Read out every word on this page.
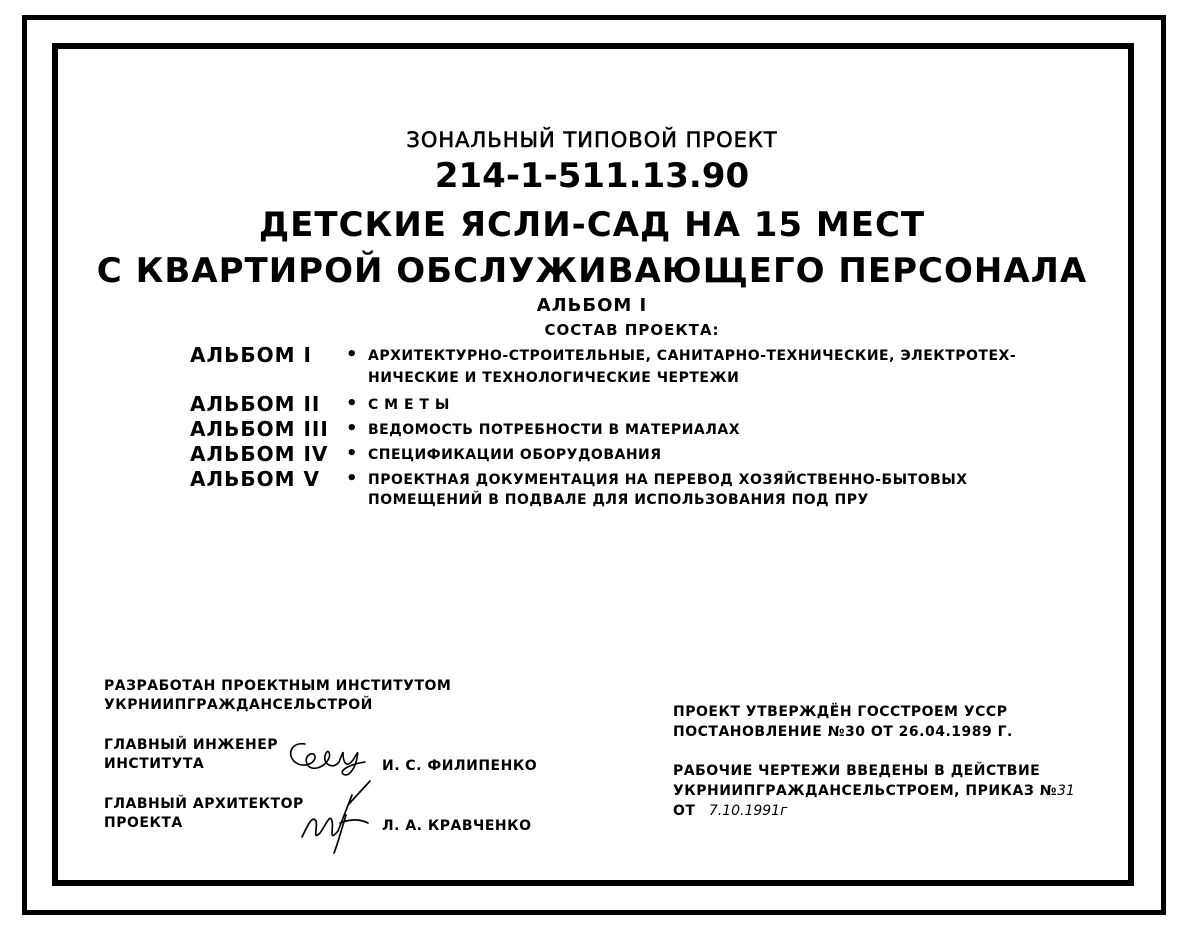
ЗОНАЛЬНЫЙ ТИПОВОЙ ПРОЕКТ
214-1-511.13.90
ДЕТСКИЕ ЯСЛИ-САД НА 15 МЕСТ
С КВАРТИРОЙ ОБСЛУЖИВАЮЩЕГО ПЕРСОНАЛА
АЛЬБОМ I
СОСТАВ ПРОЕКТА:
АЛЬБОМ I • АРХИТЕКТУРНО-СТРОИТЕЛЬНЫЕ, САНИТАРНО-ТЕХНИЧЕСКИЕ, ЭЛЕКТРОТЕХ-
НИЧЕСКИЕ И ТЕХНОЛОГИЧЕСКИЕ ЧЕРТЕЖИ
АЛЬБОМ II • С М Е Т Ы
АЛЬБОМ III • ВЕДОМОСТЬ ПОТРЕБНОСТИ В МАТЕРИАЛАХ
АЛЬБОМ IV • СПЕЦИФИКАЦИИ ОБОРУДОВАНИЯ
АЛЬБОМ V • ПРОЕКТНАЯ ДОКУМЕНТАЦИЯ НА ПЕРЕВОД ХОЗЯЙСТВЕННО-БЫТОВЫХ
ПОМЕЩЕНИЙ В ПОДВАЛЕ ДЛЯ ИСПОЛЬЗОВАНИЯ ПОД ПРУ
РАЗРАБОТАН ПРОЕКТНЫМ ИНСТИТУТОМ
УКРНИИПГРАЖДАНСЕЛЬСТРОЙ
ГЛАВНЫЙ ИНЖЕНЕР
ИНСТИТУТА	И. С. ФИЛИПЕНКО
ГЛАВНЫЙ АРХИТЕКТОР
ПРОЕКТА	Л. А. КРАВЧЕНКО
ПРОЕКТ УТВЕРЖДЁН ГОССТРОЕМ УССР
ПОСТАНОВЛЕНИЕ №30 ОТ 26.04.1989 Г.
РАБОЧИЕ ЧЕРТЕЖИ ВВЕДЕНЫ В ДЕЙСТВИЕ
УКРНИИПГРАЖДАНСЕЛЬСТРОЕМ, ПРИКАЗ №31
ОТ 7.10.1991г
